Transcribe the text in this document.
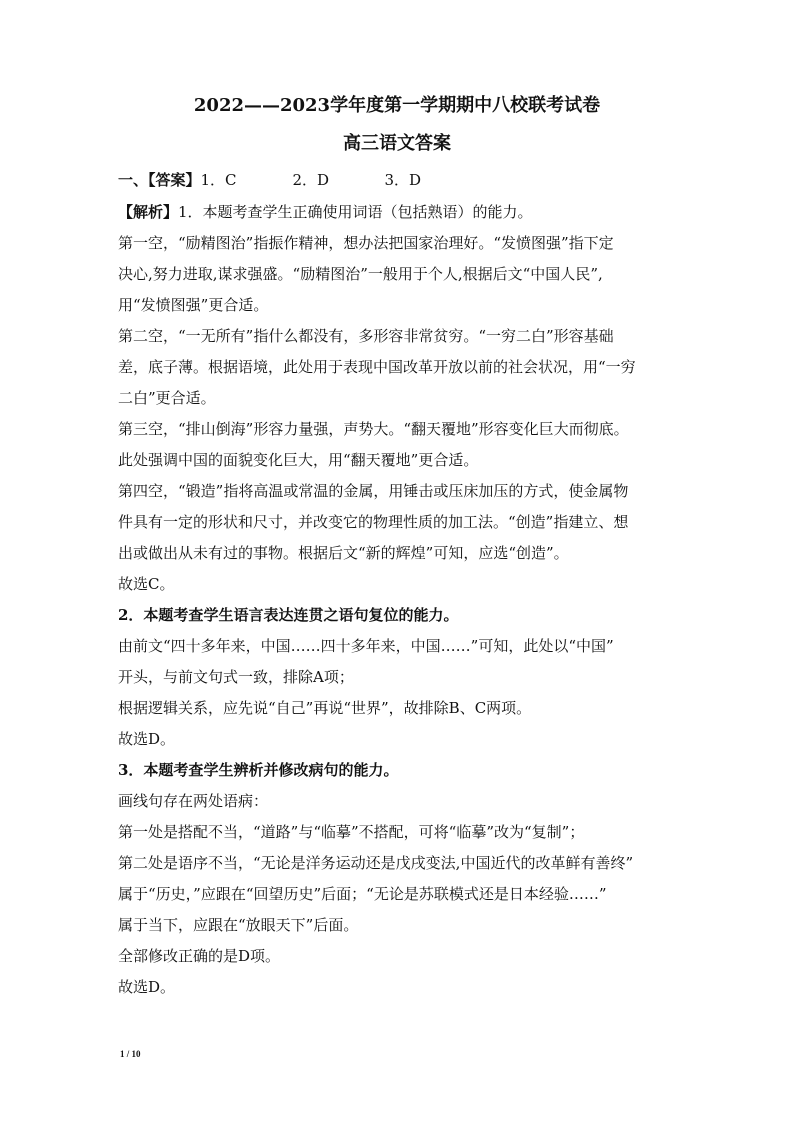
2022——2023学年度第一学期期中八校联考试卷
高三语文答案
一、【答案】 1．C	2．D	3．D
【解析】1．本题考查学生正确使用词语（包括熟语）的能力。
第一空，“励精图治”指振作精神，想办法把国家治理好。“发愤图强”指下定
决心,努力进取,谋求强盛。“励精图治”一般用于个人,根据后文“中国人民”,
用“发愤图强”更合适。
第二空，“一无所有”指什么都没有，多形容非常贫穷。“一穷二白”形容基础
差，底子薄。根据语境，此处用于表现中国改革开放以前的社会状况，用“一穷
二白”更合适。
第三空，“排山倒海”形容力量强，声势大。“翻天覆地”形容变化巨大而彻底。
此处强调中国的面貌变化巨大，用“翻天覆地”更合适。
第四空，“锻造”指将高温或常温的金属，用锤击或压床加压的方式，使金属物
件具有一定的形状和尺寸，并改变它的物理性质的加工法。“创造”指建立、想
出或做出从未有过的事物。根据后文“新的辉煌”可知，应选“创造”。
故选C。
2．本题考查学生语言表达连贯之语句复位的能力。
由前文“四十多年来，中国……四十多年来，中国……”可知，此处以“中国”
开头，与前文句式一致，排除A项；
根据逻辑关系，应先说“自己”再说“世界”，故排除B、C两项。
故选D。
3．本题考查学生辨析并修改病句的能力。
画线句存在两处语病：
第一处是搭配不当，“道路”与“临摹”不搭配，可将“临摹”改为“复制”；
第二处是语序不当，“无论是洋务运动还是戊戌变法,中国近代的改革鲜有善终”
属于“历史，”应跟在“回望历史”后面；“无论是苏联模式还是日本经验……”
属于当下，应跟在“放眼天下”后面。
全部修改正确的是D项。
故选D。
1 / 10
